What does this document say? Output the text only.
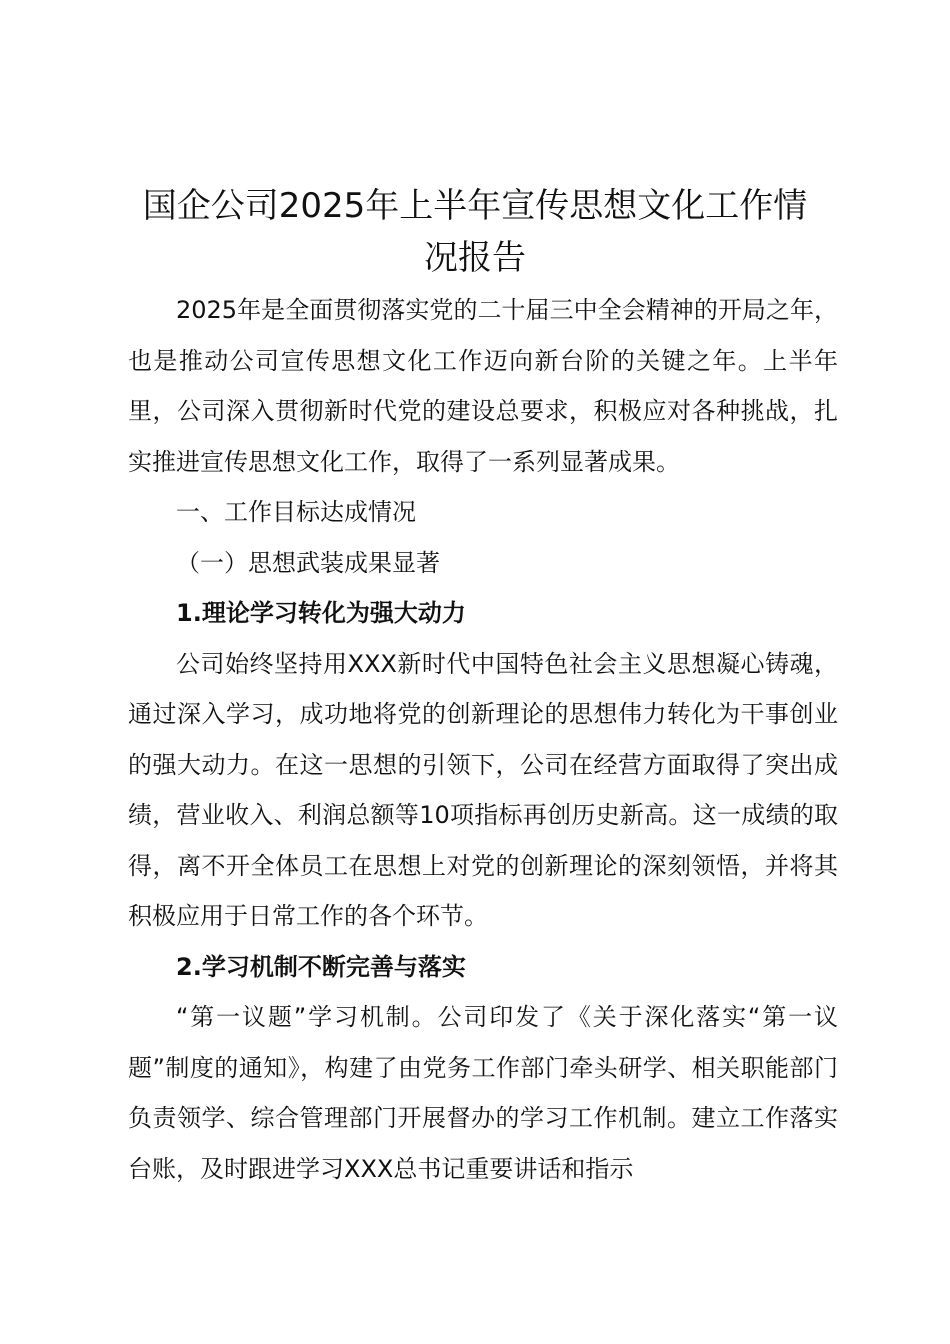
国企公司2025年上半年宣传思想文化工作情
况报告

2025年是全面贯彻落实党的二十届三中全会精神的开局之年，也是推动公司宣传思想文化工作迈向新台阶的关键之年。上半年里，公司深入贯彻新时代党的建设总要求，积极应对各种挑战，扎实推进宣传思想文化工作，取得了一系列显著成果。

一、工作目标达成情况

（一）思想武装成果显著

1.理论学习转化为强大动力

公司始终坚持用XXX新时代中国特色社会主义思想凝心铸魂，通过深入学习，成功地将党的创新理论的思想伟力转化为干事创业的强大动力。在这一思想的引领下，公司在经营方面取得了突出成绩，营业收入、利润总额等10项指标再创历史新高。这一成绩的取得，离不开全体员工在思想上对党的创新理论的深刻领悟，并将其积极应用于日常工作的各个环节。

2.学习机制不断完善与落实

“第一议题”学习机制。公司印发了《关于深化落实“第一议题”制度的通知》，构建了由党务工作部门牵头研学、相关职能部门负责领学、综合管理部门开展督办的学习工作机制。建立工作落实台账，及时跟进学习XXX总书记重要讲话和指示
